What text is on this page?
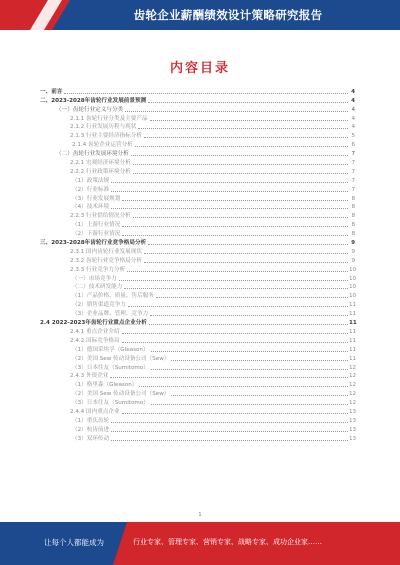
齿轮企业薪酬绩效设计策略研究报告
内容目录
一、前言	4
二、2023-2028年齿轮行业发展前景预测	4
（一）齿轮行业定义与分类	4
2.1.1 齿轮行业分类及主要产品	4
2.1.2 行业发展历程与现状	4
2.1.3 行业主要经济指标分析	5
2.1.4 齿轮企业运营分析	6
（二）齿轮行业发展环境分析	7
2.2.1 宏观经济环境分析	7
2.2.2 行业政策环境分析	7
（1）政策法规	7
（2）行业标准	7
（3）行业发展规划	8
（4）技术环境	8
2.2.3 行业供给情况分析	8
（1）上游行业情况	8
（2）下游行业情况	8
三、2023-2028年齿轮行业竞争格局分析	9
2.3.1 国内齿轮行业发展现状	9
2.3.2 齿轮行业竞争格局分析	9
2.3.3 行业竞争力分析	10
（一）市场竞争力	10
（二）技术研发能力	10
（1）产品价格、质量、售后服务	10
（2）销售渠道竞争力	11
（3）企业品牌、管理、竞争力	11
2.4 2022-2023年齿轮行业重点企业分析	11
2.4.1 重点企业介绍	11
2.4.2 国际竞争格局	11
（1）德国采埃孚（Gleason）	11
（2）美国 Sew 传动设备公司（Sew）	11
（3）日本住友（Sumitomo）	12
2.4.3 外资企业	12
（1）格里森（Gleason）	12
（2）美国 Sew 传动设备公司（Sew）	12
（3）日本住友（Sumitomo）	12
2.4.4 国内重点企业	13
（1）重庆齿轮	13
（2）杭齿前进	13
（3）双环传动	13
1
让每个人都能成为	行业专家、管理专家、营销专家、战略专家、成功企业家……
